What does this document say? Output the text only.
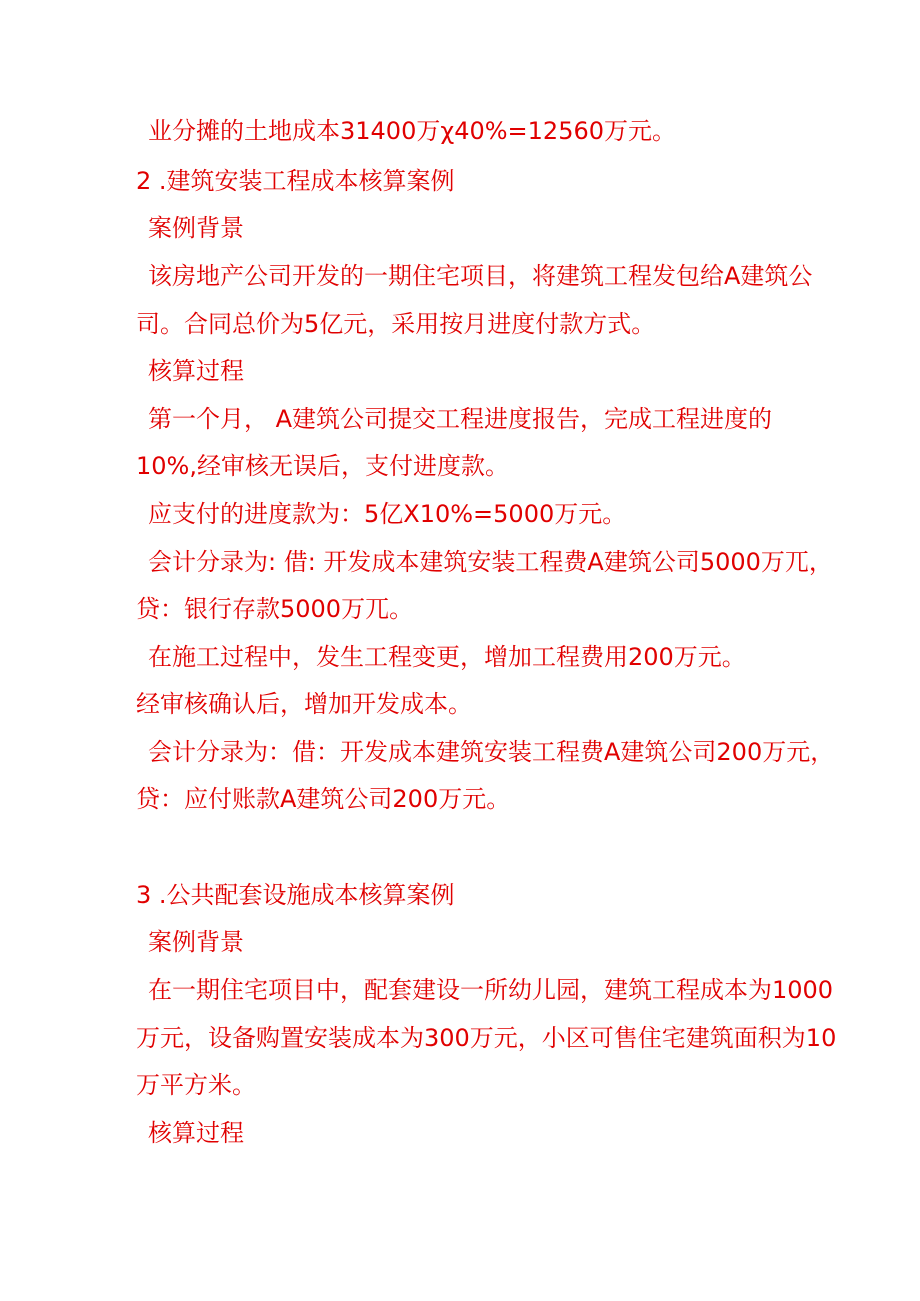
业分摊的土地成本31400万χ40%=12560万元。
2 .建筑安装工程成本核算案例
案例背景
该房地产公司开发的一期住宅项目，将建筑工程发包给A建筑公
司。合同总价为5亿元，采用按月进度付款方式。
核算过程
第一个月， A建筑公司提交工程进度报告，完成工程进度的
10%,经审核无误后，支付进度款。
应支付的进度款为：5亿X10%=5000万元。
会计分录为: 借: 开发成本建筑安装工程费A建筑公司5000万兀，
贷：银行存款5000万兀。
在施工过程中，发生工程变更，增加工程费用200万元。
经审核确认后，增加开发成本。
会计分录为：借：开发成本建筑安装工程费A建筑公司200万元，
贷：应付账款A建筑公司200万元。
3 .公共配套设施成本核算案例
案例背景
在一期住宅项目中，配套建设一所幼儿园，建筑工程成本为1000
万元，设备购置安装成本为300万元，小区可售住宅建筑面积为10
万平方米。
核算过程
